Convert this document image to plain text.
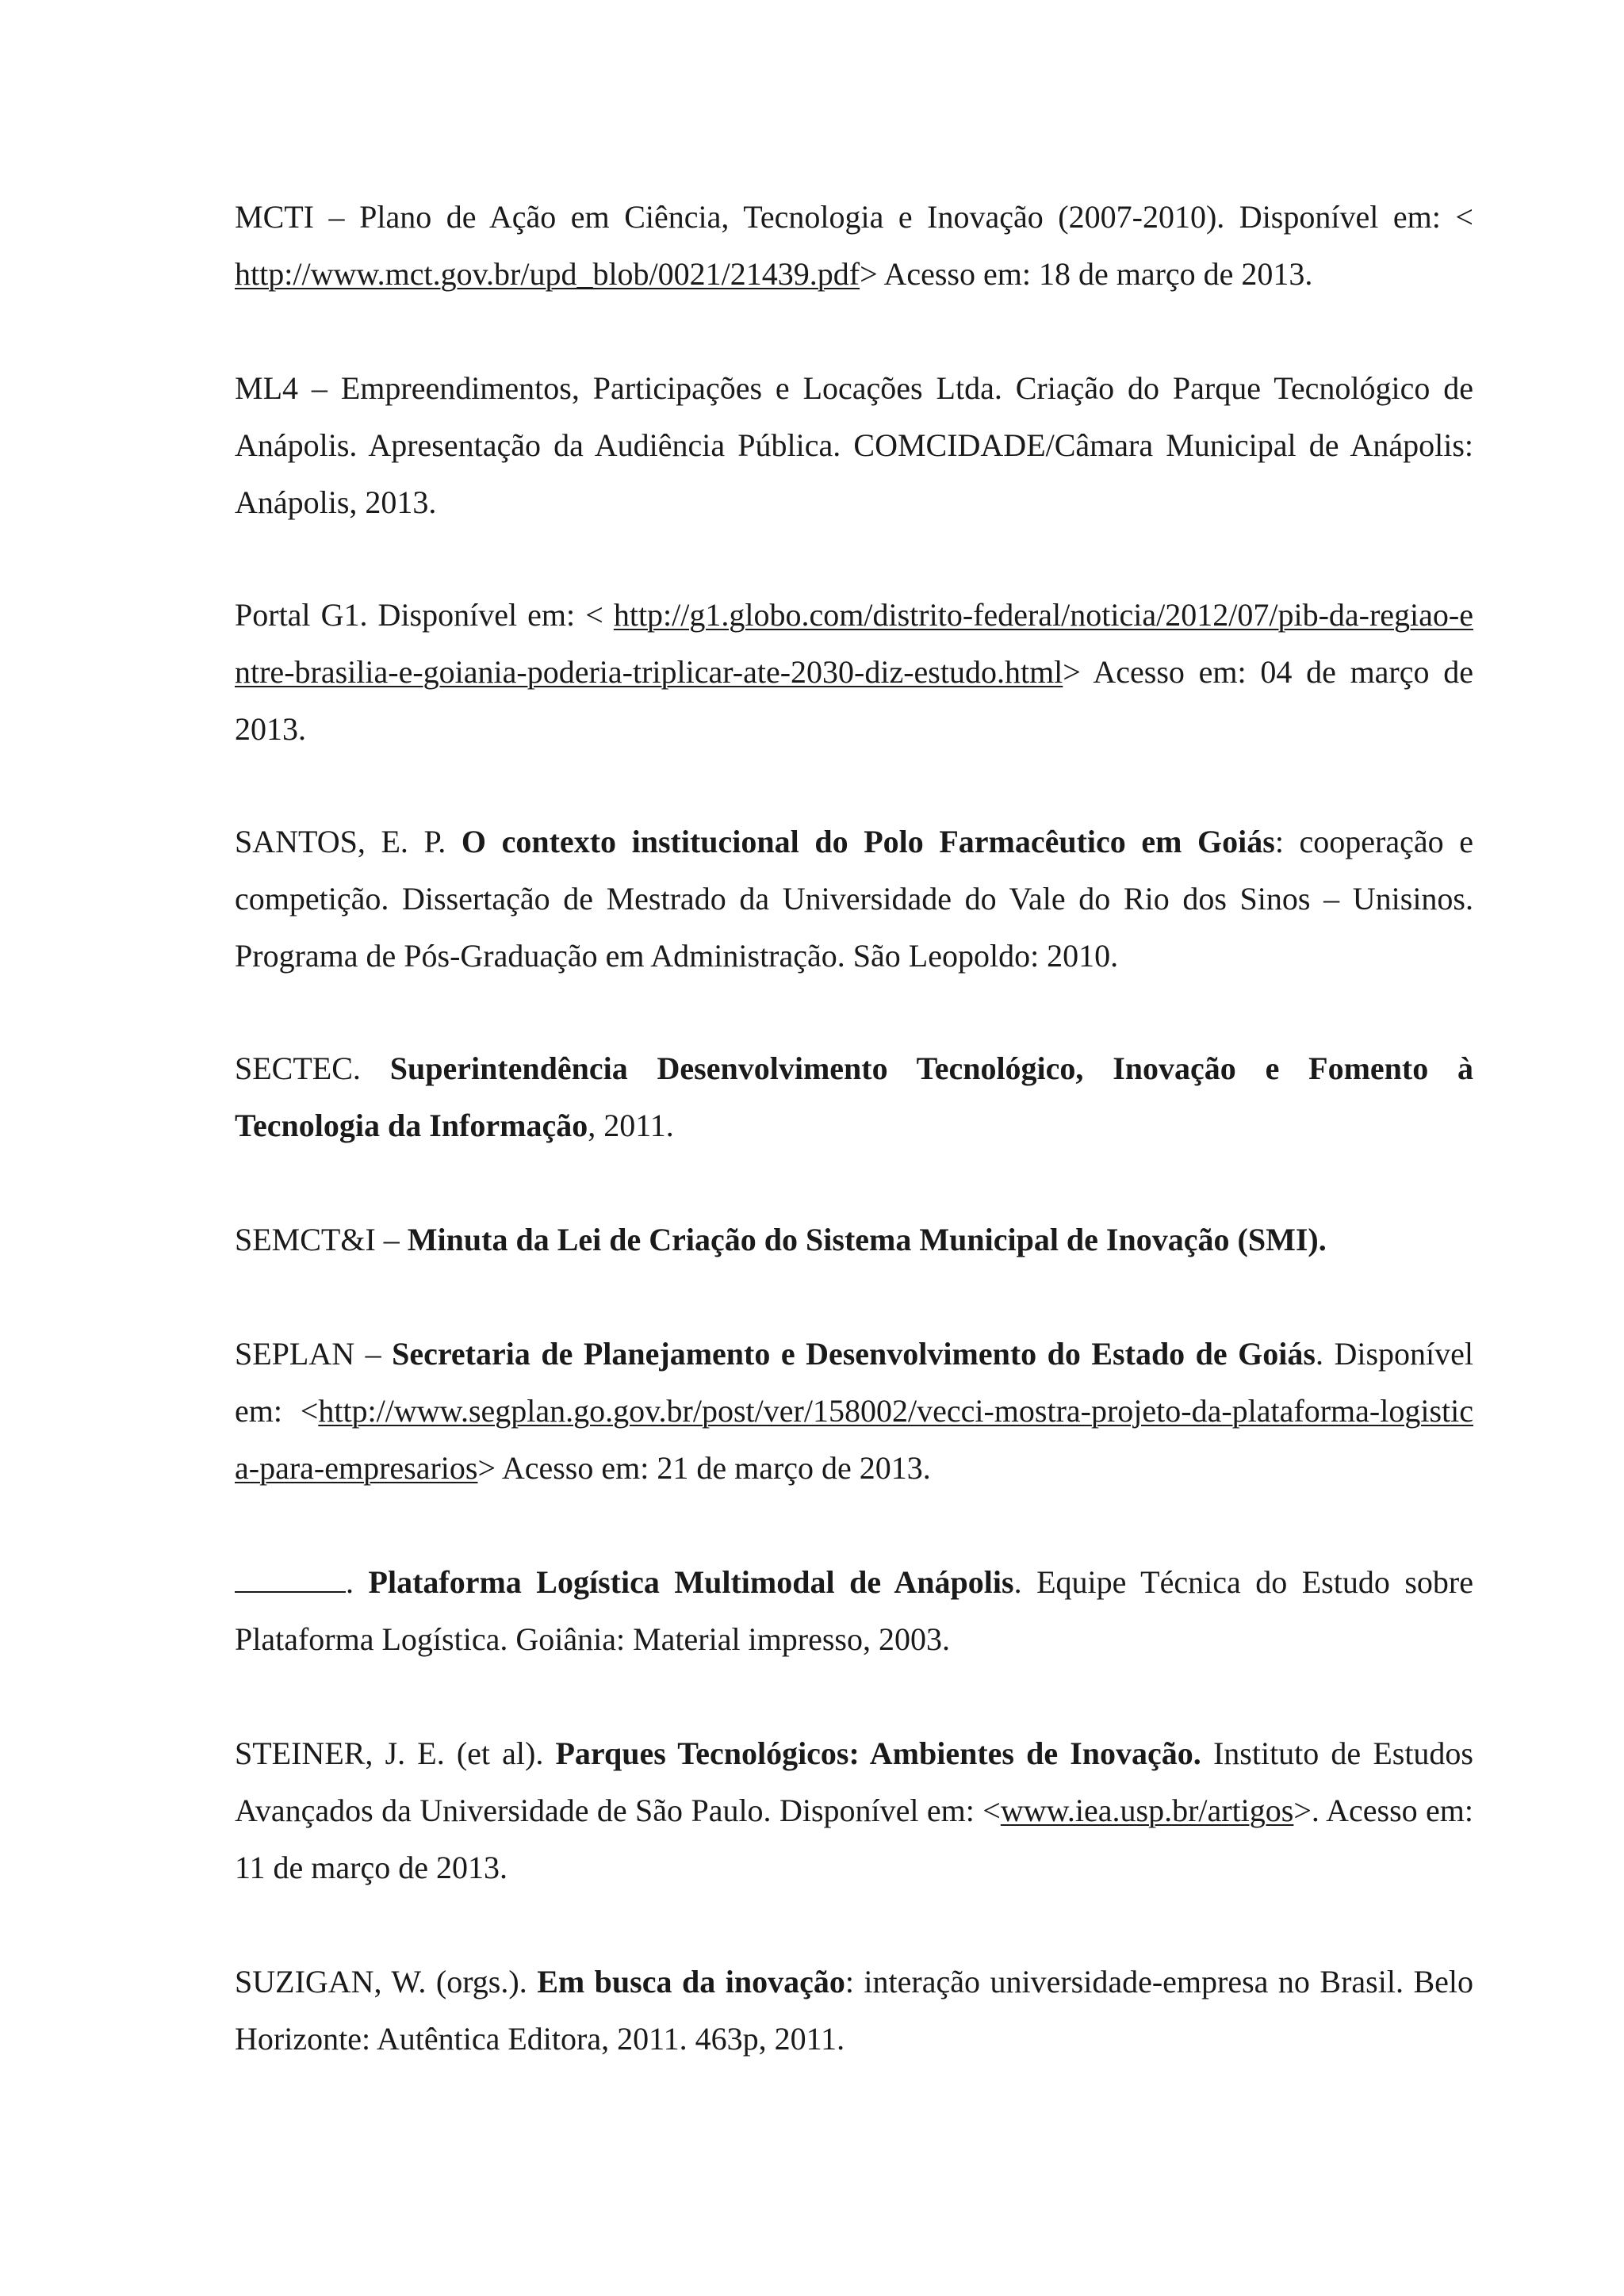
MCTI – Plano de Ação em Ciência, Tecnologia e Inovação (2007-2010). Disponível em: < http://www.mct.gov.br/upd_blob/0021/21439.pdf> Acesso em: 18 de março de 2013.

ML4 – Empreendimentos, Participações e Locações Ltda. Criação do Parque Tecnológico de Anápolis. Apresentação da Audiência Pública. COMCIDADE/Câmara Municipal de Anápolis: Anápolis, 2013.

Portal G1. Disponível em: < http://g1.globo.com/distrito-federal/noticia/2012/07/pib-da-regiao-entre-brasilia-e-goiania-poderia-triplicar-ate-2030-diz-estudo.html> Acesso em: 04 de março de 2013.

SANTOS, E. P. O contexto institucional do Polo Farmacêutico em Goiás: cooperação e competição. Dissertação de Mestrado da Universidade do Vale do Rio dos Sinos – Unisinos. Programa de Pós-Graduação em Administração. São Leopoldo: 2010.

SECTEC. Superintendência Desenvolvimento Tecnológico, Inovação e Fomento à Tecnologia da Informação, 2011.

SEMCT&I – Minuta da Lei de Criação do Sistema Municipal de Inovação (SMI).

SEPLAN – Secretaria de Planejamento e Desenvolvimento do Estado de Goiás. Disponível em: <http://www.segplan.go.gov.br/post/ver/158002/vecci-mostra-projeto-da-plataforma-logistica-para-empresarios> Acesso em: 21 de março de 2013.

. Plataforma Logística Multimodal de Anápolis. Equipe Técnica do Estudo sobre Plataforma Logística. Goiânia: Material impresso, 2003.

STEINER, J. E. (et al). Parques Tecnológicos: Ambientes de Inovação. Instituto de Estudos Avançados da Universidade de São Paulo. Disponível em: <www.iea.usp.br/artigos>. Acesso em: 11 de março de 2013.

SUZIGAN, W. (orgs.). Em busca da inovação: interação universidade-empresa no Brasil. Belo Horizonte: Autêntica Editora, 2011. 463p, 2011.
